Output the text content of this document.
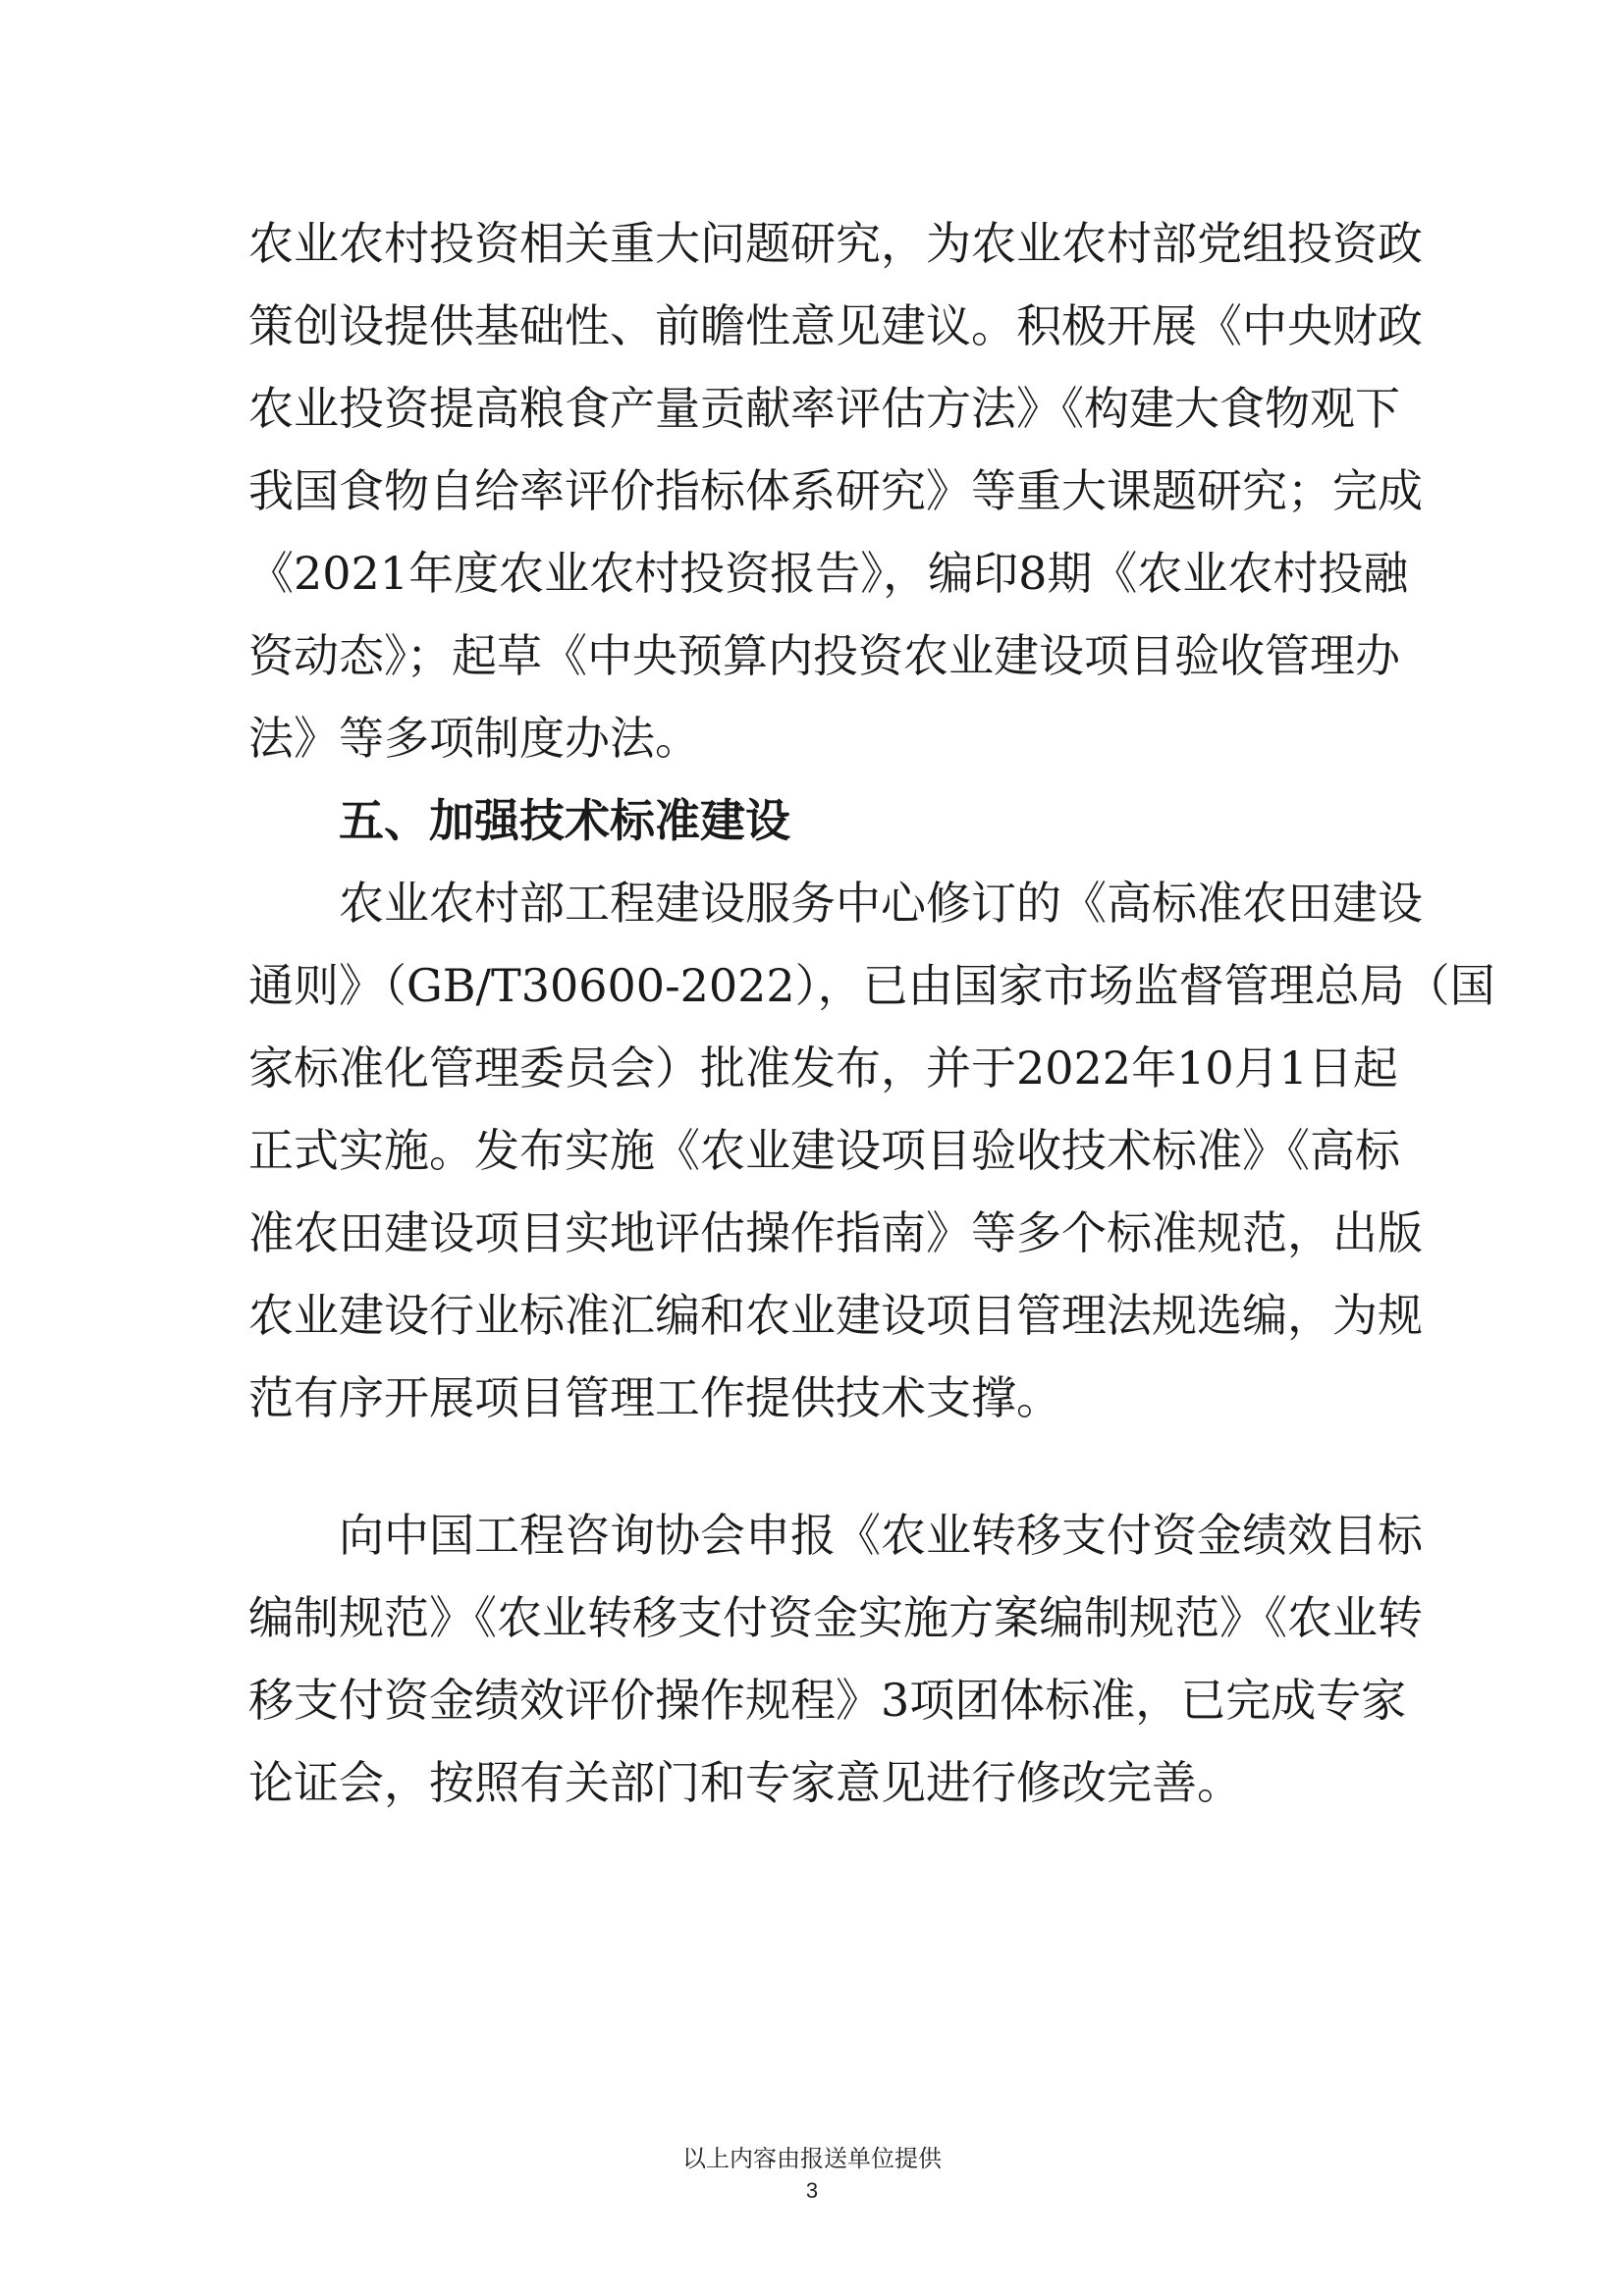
农业农村投资相关重大问题研究，为农业农村部党组投资政
策创设提供基础性、前瞻性意见建议。积极开展《中央财政
农业投资提高粮食产量贡献率评估方法》《构建大食物观下
我国食物自给率评价指标体系研究》等重大课题研究；完成
《2021年度农业农村投资报告》，编印8期《农业农村投融
资动态》；起草《中央预算内投资农业建设项目验收管理办
法》等多项制度办法。
五、加强技术标准建设
农业农村部工程建设服务中心修订的《高标准农田建设
通则》（GB/T30600-2022），已由国家市场监督管理总局（国
家标准化管理委员会）批准发布，并于2022年10月1日起
正式实施。发布实施《农业建设项目验收技术标准》《高标
准农田建设项目实地评估操作指南》等多个标准规范，出版
农业建设行业标准汇编和农业建设项目管理法规选编，为规
范有序开展项目管理工作提供技术支撑。
向中国工程咨询协会申报《农业转移支付资金绩效目标
编制规范》《农业转移支付资金实施方案编制规范》《农业转
移支付资金绩效评价操作规程》3项团体标准，已完成专家
论证会，按照有关部门和专家意见进行修改完善。
以上内容由报送单位提供
3
